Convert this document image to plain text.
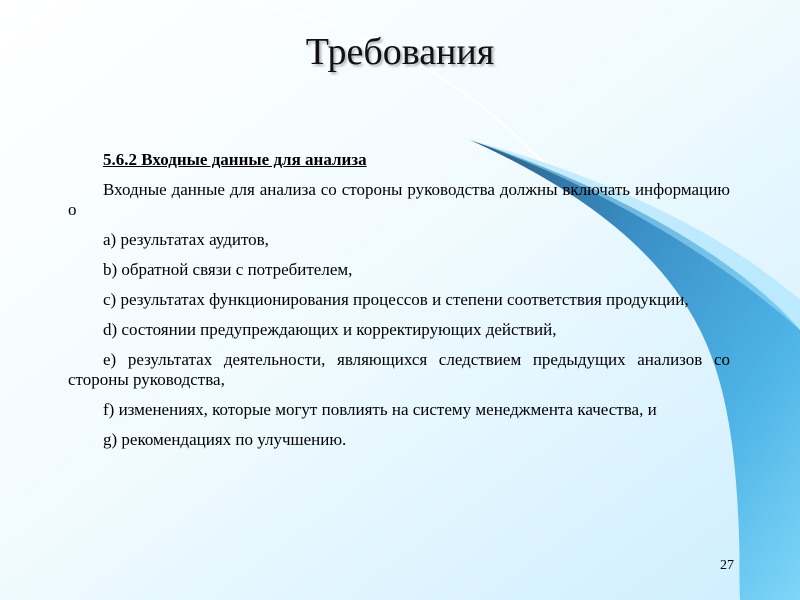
Требования

5.6.2 Входные данные для анализа

Входные данные для анализа со стороны руководства должны включать информацию о

а) результатах аудитов,

b) обратной связи с потребителем,

с) результатах функционирования процессов и степени соответствия продукции,

d) состоянии предупреждающих и корректирующих действий,

е) результатах деятельности, являющихся следствием предыдущих анализов со стороны руководства,

f) изменениях, которые могут повлиять на систему менеджмента качества, и

g) рекомендациях по улучшению.

27
